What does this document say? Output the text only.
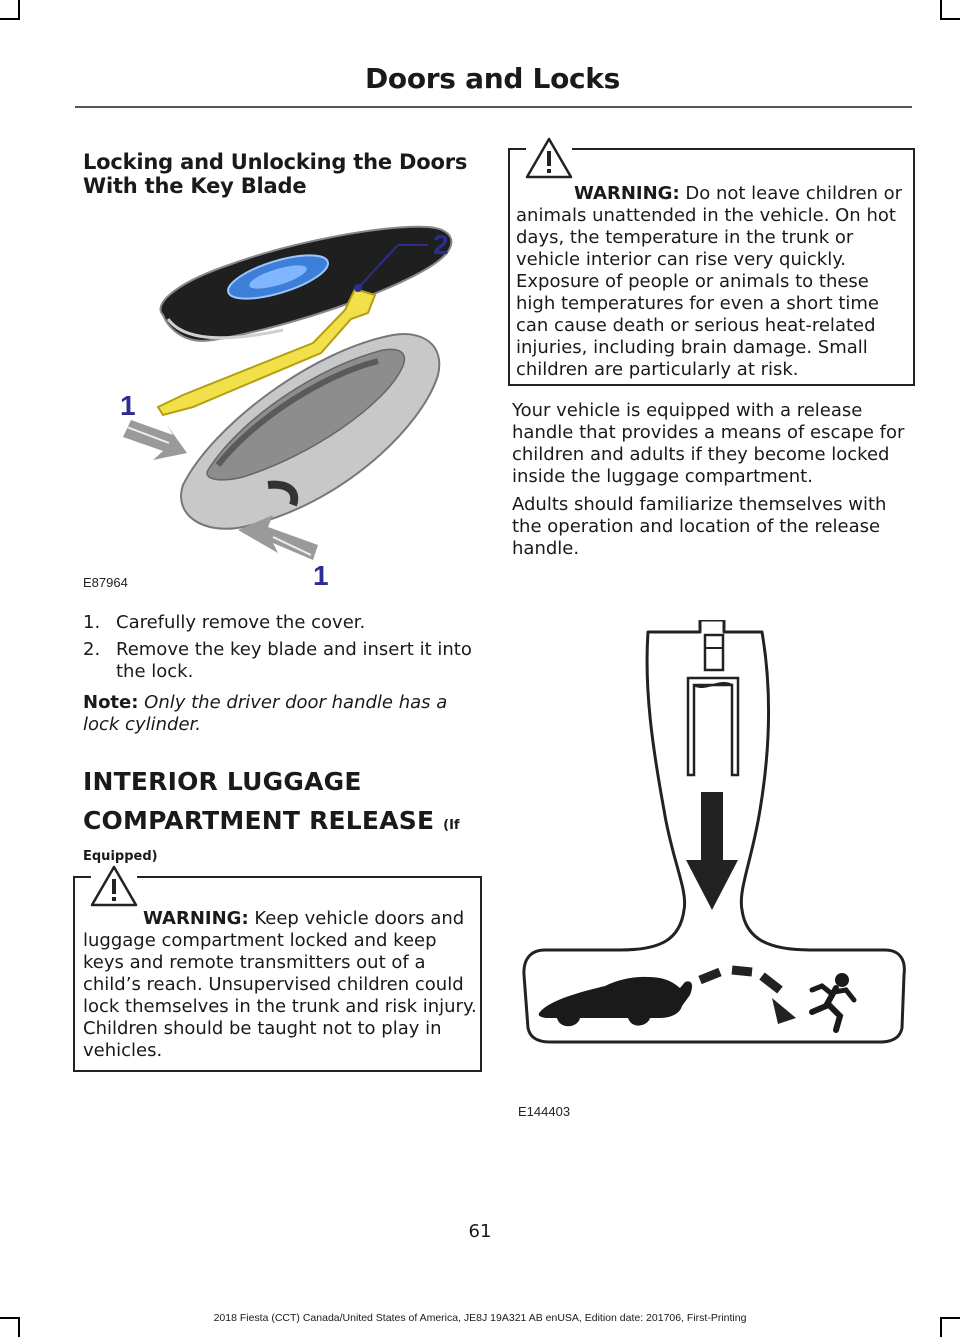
Doors and Locks
Locking and Unlocking the Doors
With the Key Blade
2
1
1
E87964
1. Carefully remove the cover.
2. Remove the key blade and insert it into the lock.
Note: Only the driver door handle has a lock cylinder.
INTERIOR LUGGAGE
COMPARTMENT RELEASE (If
Equipped)
WARNING: Keep vehicle doors and luggage compartment locked and keep keys and remote transmitters out of a child’s reach. Unsupervised children could lock themselves in the trunk and risk injury. Children should be taught not to play in vehicles.
WARNING: Do not leave children or animals unattended in the vehicle. On hot days, the temperature in the trunk or vehicle interior can rise very quickly. Exposure of people or animals to these high temperatures for even a short time can cause death or serious heat-related injuries, including brain damage. Small children are particularly at risk.
Your vehicle is equipped with a release handle that provides a means of escape for children and adults if they become locked inside the luggage compartment.
Adults should familiarize themselves with the operation and location of the release handle.
E144403
61
2018 Fiesta (CCT) Canada/United States of America, JE8J 19A321 AB enUSA, Edition date: 201706, First-Printing
